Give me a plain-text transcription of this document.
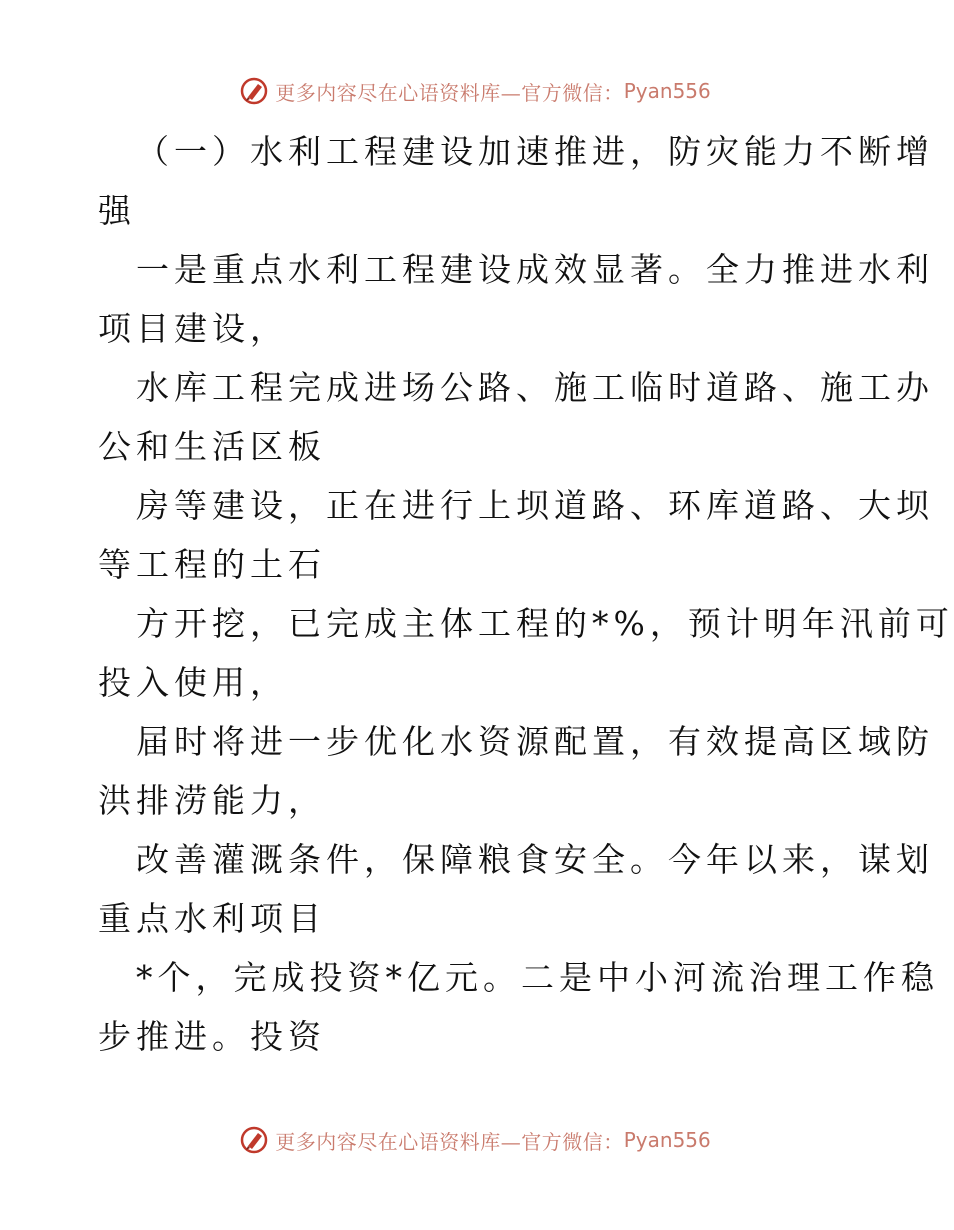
更多内容尽在心语资料库—官方微信： Pyan556
（一）水利工程建设加速推进，防灾能力不断增
强
一是重点水利工程建设成效显著。全力推进水利
项目建设，
水库工程完成进场公路、施工临时道路、施工办
公和生活区板
房等建设，正在进行上坝道路、环库道路、大坝
等工程的土石
方开挖，已完成主体工程的*%，预计明年汛前可
投入使用，
届时将进一步优化水资源配置，有效提高区域防
洪排涝能力，
改善灌溉条件，保障粮食安全。今年以来，谋划
重点水利项目
*个，完成投资*亿元。二是中小河流治理工作稳
步推进。投资
更多内容尽在心语资料库—官方微信： Pyan556
